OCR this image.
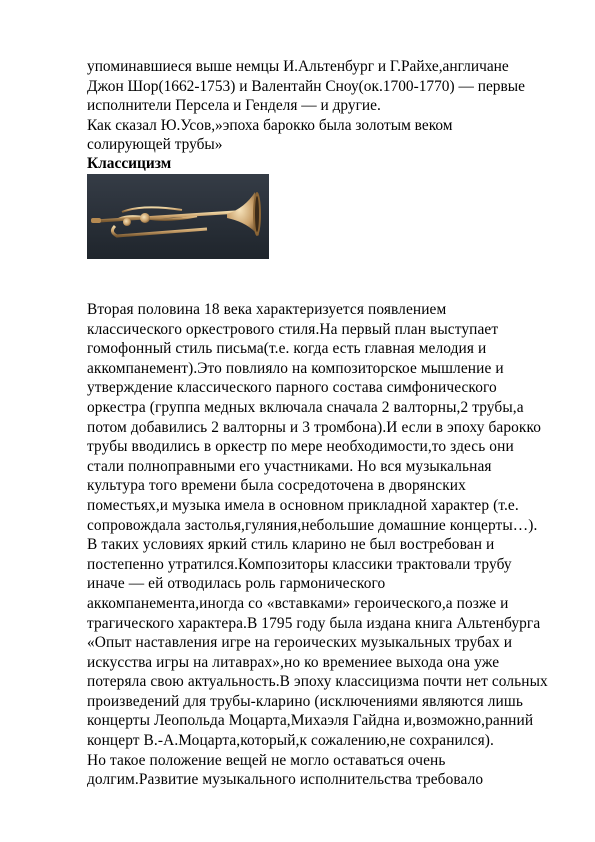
упоминавшиеся выше немцы И.Альтенбург и Г.Райхе,англичане
Джон Шор(1662-1753) и Валентайн Сноу(ок.1700-1770) — первые
исполнители Персела и Генделя — и другие.
Как сказал Ю.Усов,»эпоха барокко была золотым веком
солирующей трубы»
Классицизм
Вторая половина 18 века характеризуется появлением
классического оркестрового стиля.На первый план выступает
гомофонный стиль письма(т.е. когда есть главная мелодия и
аккомпанемент).Это повлияло на композиторское мышление и
утверждение классического парного состава симфонического
оркестра (группа медных включала сначала 2 валторны,2 трубы,а
потом добавились 2 валторны и 3 тромбона).И если в эпоху барокко
трубы вводились в оркестр по мере необходимости,то здесь они
стали полноправными его участниками. Но вся музыкальная
культура того времени была сосредоточена в дворянских
поместьях,и музыка имела в основном прикладной характер (т.е.
сопровождала застолья,гуляния,небольшие домашние концерты…).
В таких условиях яркий стиль кларино не был востребован и
постепенно утратился.Композиторы классики трактовали трубу
иначе — ей отводилась роль гармонического
аккомпанемента,иногда со «вставками» героического,а позже и
трагического характера.В 1795 году была издана книга Альтенбурга
«Опыт наставления игре на героических музыкальных трубах и
искусства игры на литаврах»,но ко времениее выхода она уже
потеряла свою актуальность.В эпоху классицизма почти нет сольных
произведений для трубы-кларино (исключениями являются лишь
концерты Леопольда Моцарта,Михаэля Гайдна и,возможно,ранний
концерт В.-А.Моцарта,который,к сожалению,не сохранился).
Но такое положение вещей не могло оставаться очень
долгим.Развитие музыкального исполнительства требовало
